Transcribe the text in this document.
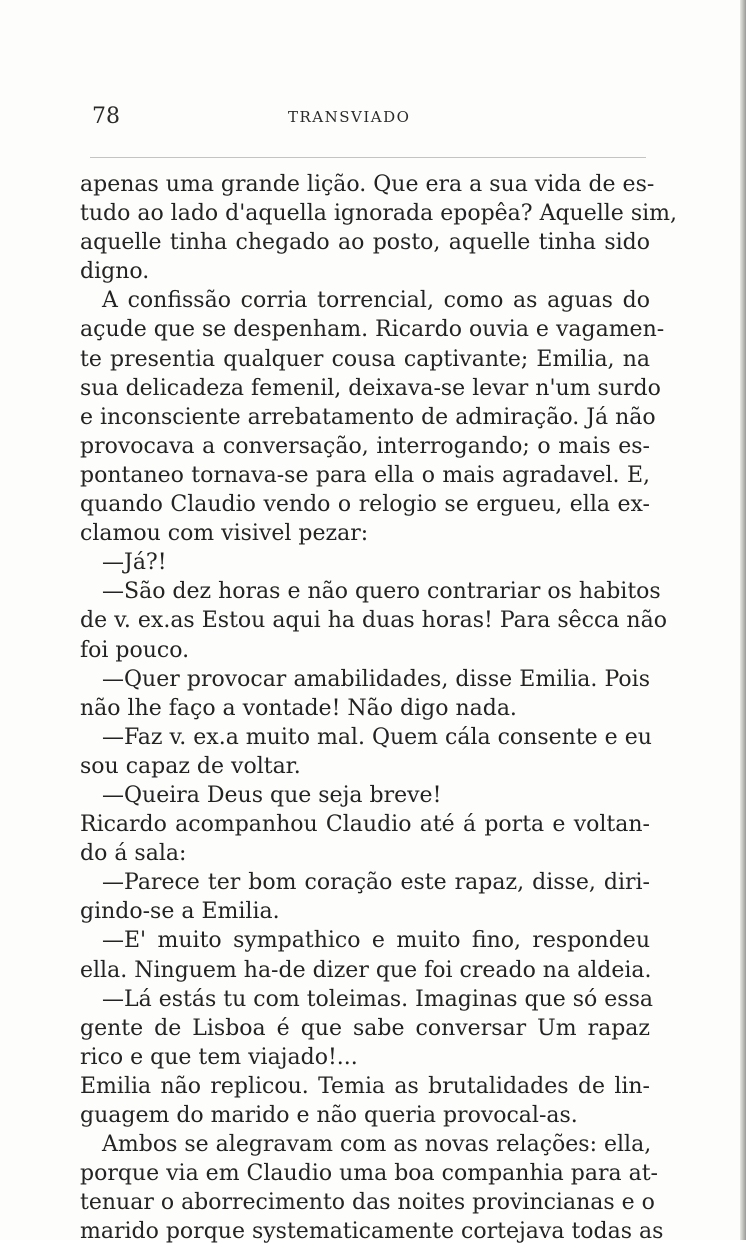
78	TRANSVIADO
apenas uma grande lição. Que era a sua vida de es-
tudo ao lado d'aquella ignorada epopêa? Aquelle sim,
aquelle tinha chegado ao posto, aquelle tinha sido
digno.
A confissão corria torrencial, como as aguas do
açude que se despenham. Ricardo ouvia e vagamen-
te presentia qualquer cousa captivante; Emilia, na
sua delicadeza femenil, deixava-se levar n'um surdo
e inconsciente arrebatamento de admiração. Já não
provocava a conversação, interrogando; o mais es-
pontaneo tornava-se para ella o mais agradavel. E,
quando Claudio vendo o relogio se ergueu, ella ex-
clamou com visivel pezar:
—Já?!
—São dez horas e não quero contrariar os habitos
de v. ex.as Estou aqui ha duas horas! Para sêcca não
foi pouco.
—Quer provocar amabilidades, disse Emilia. Pois
não lhe faço a vontade! Não digo nada.
—Faz v. ex.a muito mal. Quem cála consente e eu
sou capaz de voltar.
—Queira Deus que seja breve!
Ricardo acompanhou Claudio até á porta e voltan-
do á sala:
—Parece ter bom coração este rapaz, disse, diri-
gindo-se a Emilia.
—E' muito sympathico e muito fino, respondeu
ella. Ninguem ha-de dizer que foi creado na aldeia.
—Lá estás tu com toleimas. Imaginas que só essa
gente de Lisboa é que sabe conversar Um rapaz
rico e que tem viajado!...
Emilia não replicou. Temia as brutalidades de lin-
guagem do marido e não queria provocal-as.
Ambos se alegravam com as novas relações: ella,
porque via em Claudio uma boa companhia para at-
tenuar o aborrecimento das noites provincianas e o
marido porque systematicamente cortejava todas as
